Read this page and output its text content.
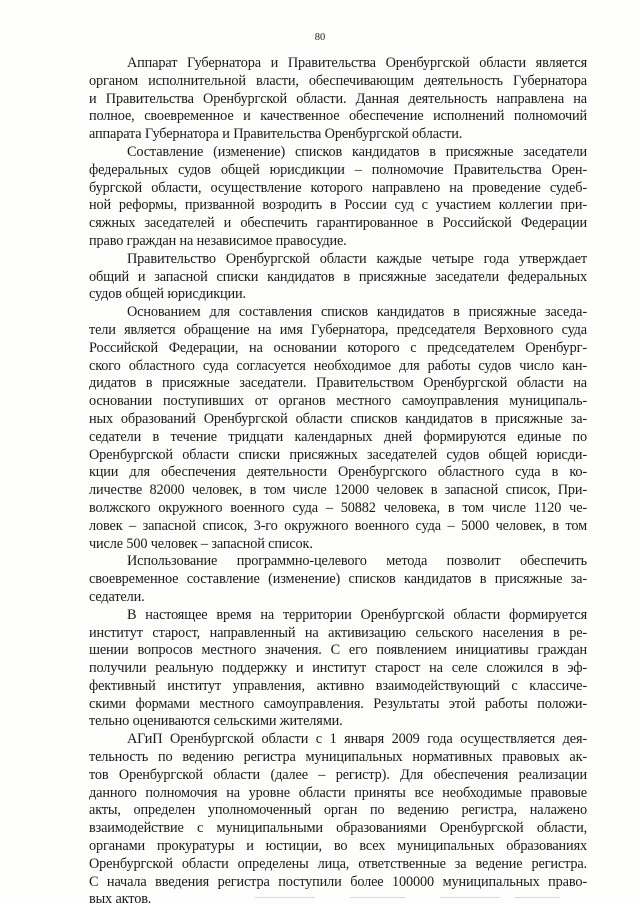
80

Аппарат Губернатора и Правительства Оренбургской области является
органом исполнительной власти, обеспечивающим деятельность Губернатора
и Правительства Оренбургской области. Данная деятельность направлена на
полное, своевременное и качественное обеспечение исполнений полномочий
аппарата Губернатора и Правительства Оренбургской области.

Составление (изменение) списков кандидатов в присяжные заседатели
федеральных судов общей юрисдикции – полномочие Правительства Орен-
бургской области, осуществление которого направлено на проведение судеб-
ной реформы, призванной возродить в России суд с участием коллегии при-
сяжных заседателей и обеспечить гарантированное в Российской Федерации
право граждан на независимое правосудие.

Правительство Оренбургской области каждые четыре года утверждает
общий и запасной списки кандидатов в присяжные заседатели федеральных
судов общей юрисдикции.

Основанием для составления списков кандидатов в присяжные заседа-
тели является обращение на имя Губернатора, председателя Верховного суда
Российской Федерации, на основании которого с председателем Оренбург-
ского областного суда согласуется необходимое для работы судов число кан-
дидатов в присяжные заседатели. Правительством Оренбургской области на
основании поступивших от органов местного самоуправления муниципаль-
ных образований Оренбургской области списков кандидатов в присяжные за-
седатели в течение тридцати календарных дней формируются единые по
Оренбургской области списки присяжных заседателей судов общей юрисди-
кции для обеспечения деятельности Оренбургского областного суда в ко-
личестве 82000 человек, в том числе 12000 человек в запасной список, При-
волжского окружного военного суда – 50882 человека, в том числе 1120 че-
ловек – запасной список, 3-го окружного военного суда – 5000 человек, в том
числе 500 человек – запасной список.

Использование программно-целевого метода позволит обеспечить
своевременное составление (изменение) списков кандидатов в присяжные за-
седатели.

В настоящее время на территории Оренбургской области формируется
институт старост, направленный на активизацию сельского населения в ре-
шении вопросов местного значения. С его появлением инициативы граждан
получили реальную поддержку и институт старост на селе сложился в эф-
фективный институт управления, активно взаимодействующий с классиче-
скими формами местного самоуправления. Результаты этой работы положи-
тельно оцениваются сельскими жителями.

АГиП Оренбургской области с 1 января 2009 года осуществляется дея-
тельность по ведению регистра муниципальных нормативных правовых ак-
тов Оренбургской области (далее – регистр). Для обеспечения реализации
данного полномочия на уровне области приняты все необходимые правовые
акты, определен уполномоченный орган по ведению регистра, налажено
взаимодействие с муниципальными образованиями Оренбургской области,
органами прокуратуры и юстиции, во всех муниципальных образованиях
Оренбургской области определены лица, ответственные за ведение регистра.
С начала введения регистра поступили более 100000 муниципальных право-
вых актов.
